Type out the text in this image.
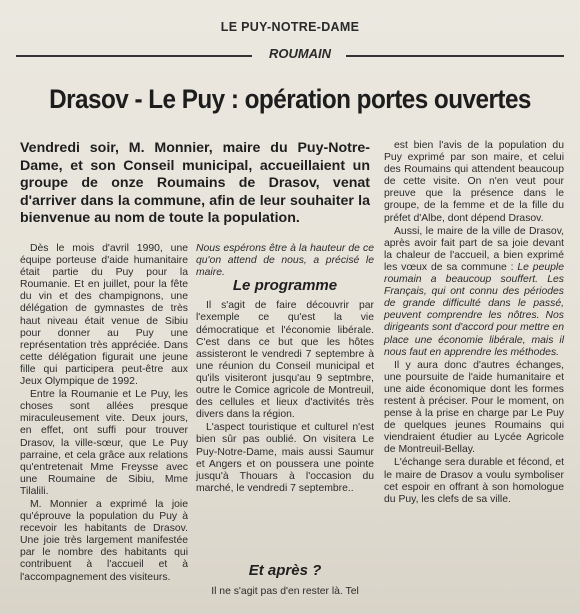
LE PUY-NOTRE-DAME
ROUMAIN
Drasov - Le Puy : opération portes ouvertes
Vendredi soir, M. Monnier, maire du Puy-Notre-Dame, et son Conseil municipal, accueillaient un groupe de onze Roumains de Drasov, venat d'arriver dans la commune, afin de leur souhaiter la bienvenue au nom de toute la population.

Dès le mois d'avril 1990, une équipe porteuse d'aide humanitaire était partie du Puy pour la Roumanie. Et en juillet, pour la fête du vin et des champignons, une délégation de gymnastes de très haut niveau était venue de Sibiu pour donner au Puy une représentation très appréciée. Dans cette délégation figurait une jeune fille qui participera peut-être aux Jeux Olympique de 1992.

Entre la Roumanie et Le Puy, les choses sont allées presque miraculeusement vite. Deux jours, en effet, ont suffi pour trouver Drasov, la ville-sœur, que Le Puy parraine, et cela grâce aux relations qu'entretenait Mme Freysse avec une Roumaine de Sibiu, Mme Tilalili.

M. Monnier a exprimé la joie qu'éprouve la population du Puy à recevoir les habitants de Drasov. Une joie très largement manifestée par le nombre des habitants qui contribuent à l'accueil et à l'accompagnement des visiteurs.

Nous espérons être à la hauteur de ce qu'on attend de nous, a précisé le maire.

Le programme

Il s'agit de faire découvrir par l'exemple ce qu'est la vie démocratique et l'économie libérale. C'est dans ce but que les hôtes assisteront le vendredi 7 septembre à une réunion du Conseil municipal et qu'ils visiteront jusqu'au 9 septmbre, outre le Comice agricole de Montreuil, des cellules et lieux d'activités très divers dans la région.

L'aspect touristique et culturel n'est bien sûr pas oublié. On visitera Le Puy-Notre-Dame, mais aussi Saumur et Angers et on poussera une pointe jusqu'à Thouars à l'occasion du marché, le vendredi 7 septembre..

Et après ?
Il ne s'agit pas d'en rester là. Tel

est bien l'avis de la population du Puy exprimé par son maire, et celui des Roumains qui attendent beaucoup de cette visite. On n'en veut pour preuve que la présence dans le groupe, de la femme et de la fille du préfet d'Albe, dont dépend Drasov.

Aussi, le maire de la ville de Drasov, après avoir fait part de sa joie devant la chaleur de l'accueil, a bien exprimé les vœux de sa commune : Le peuple roumain a beaucoup souffert. Les Français, qui ont connu des périodes de grande difficulté dans le passé, peuvent comprendre les nôtres. Nos dirigeants sont d'accord pour mettre en place une économie libérale, mais il nous faut en apprendre les méthodes.

Il y aura donc d'autres échanges, une poursuite de l'aide humanitaire et une aide économique dont les formes restent à préciser. Pour le moment, on pense à la prise en charge par Le Puy de quelques jeunes Roumains qui viendraient étudier au Lycée Agricole de Montreuil-Bellay.

L'échange sera durable et fécond, et le maire de Drasov a voulu symboliser cet espoir en offrant à son homologue du Puy, les clefs de sa ville.
